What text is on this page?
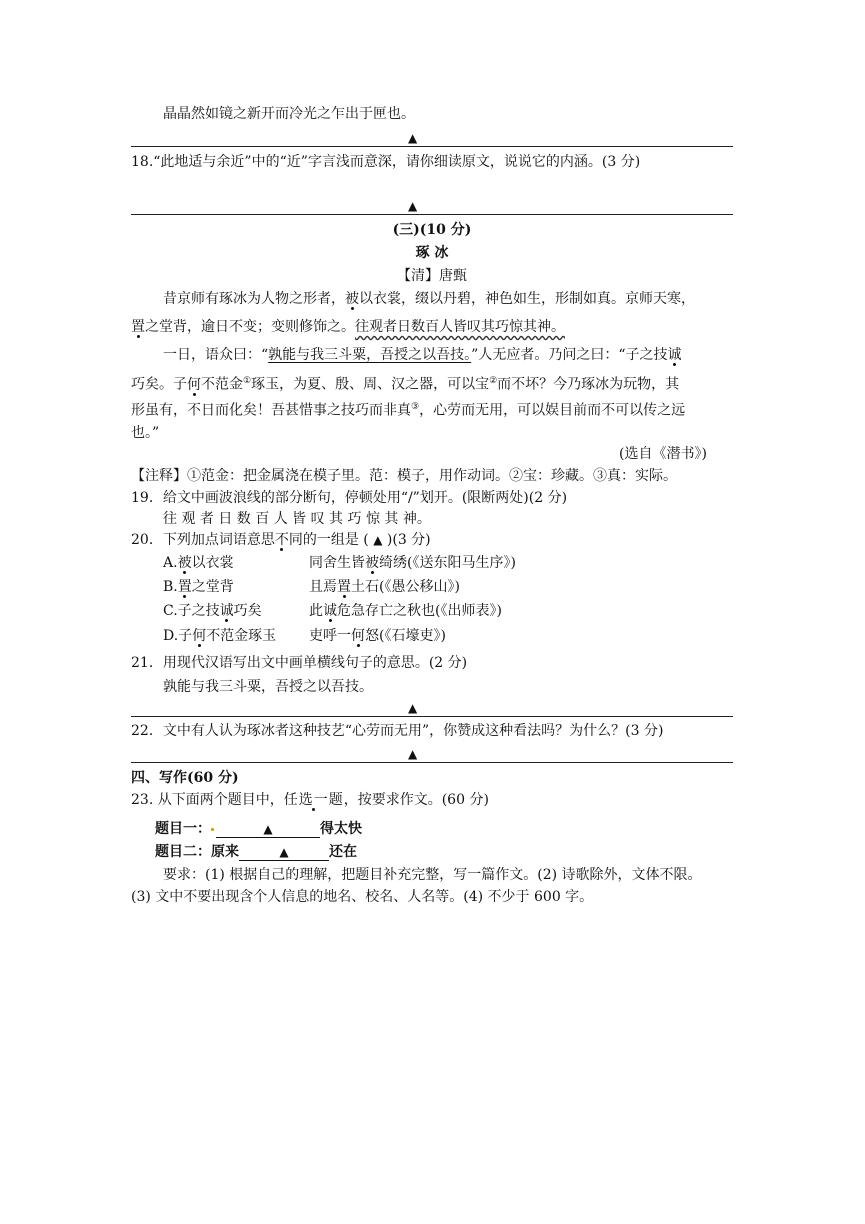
晶晶然如镜之新开而冷光之乍出于匣也。
▲
18.“此地适与余近”中的“近”字言浅而意深，请你细读原文，说说它的内涵。(3 分)
▲
(三)(10 分)
琢 冰
【清】唐甄
昔京师有琢冰为人物之形者，被以衣裳，缀以丹碧，神色如生，形制如真。京师天寒，
置之堂背，逾日不变；变则修饰之。往观者日数百人皆叹其巧惊其神。
一日，语众曰：“孰能与我三斗粟，吾授之以吾技。”人无应者。乃问之曰：“子之技诚
巧矣。子何不范金①琢玉，为夏、殷、周、汉之器，可以宝②而不坏？今乃琢冰为玩物，其
形虽有，不日而化矣！吾甚惜事之技巧而非真③，心劳而无用，可以娱目前而不可以传之远
也。”
(选自《潜书》)
【注释】①范金：把金属浇在模子里。范：模子，用作动词。②宝：珍藏。③真：实际。
19．给文中画波浪线的部分断句，停顿处用“/”划开。(限断两处)(2 分)
往 观 者 日 数 百 人 皆 叹 其 巧 惊 其 神。
20．下列加点词语意思不同的一组是 ( ▲ )(3 分)
A.被以衣裳	同舍生皆被绮绣(《送东阳马生序》)
B.置之堂背	且焉置土石(《愚公移山》)
C.子之技诚巧矣	此诚危急存亡之秋也(《出师表》)
D.子何不范金琢玉 吏呼一何怒(《石壕吏》)
21．用现代汉语写出文中画单横线句子的意思。(2 分)
孰能与我三斗粟，吾授之以吾技。
▲
22．文中有人认为琢冰者这种技艺“心劳而无用”，你赞成这种看法吗？为什么？(3 分)
▲
四、写作(60 分)
23. 从下面两个题目中，任选一题，按要求作文。(60 分)
题目一：	▲	得太快
题目二：原来	▲	还在
要求：(1) 根据自己的理解，把题目补充完整，写一篇作文。(2) 诗歌除外，文体不限。
(3) 文中不要出现含个人信息的地名、校名、人名等。(4) 不少于 600 字。
